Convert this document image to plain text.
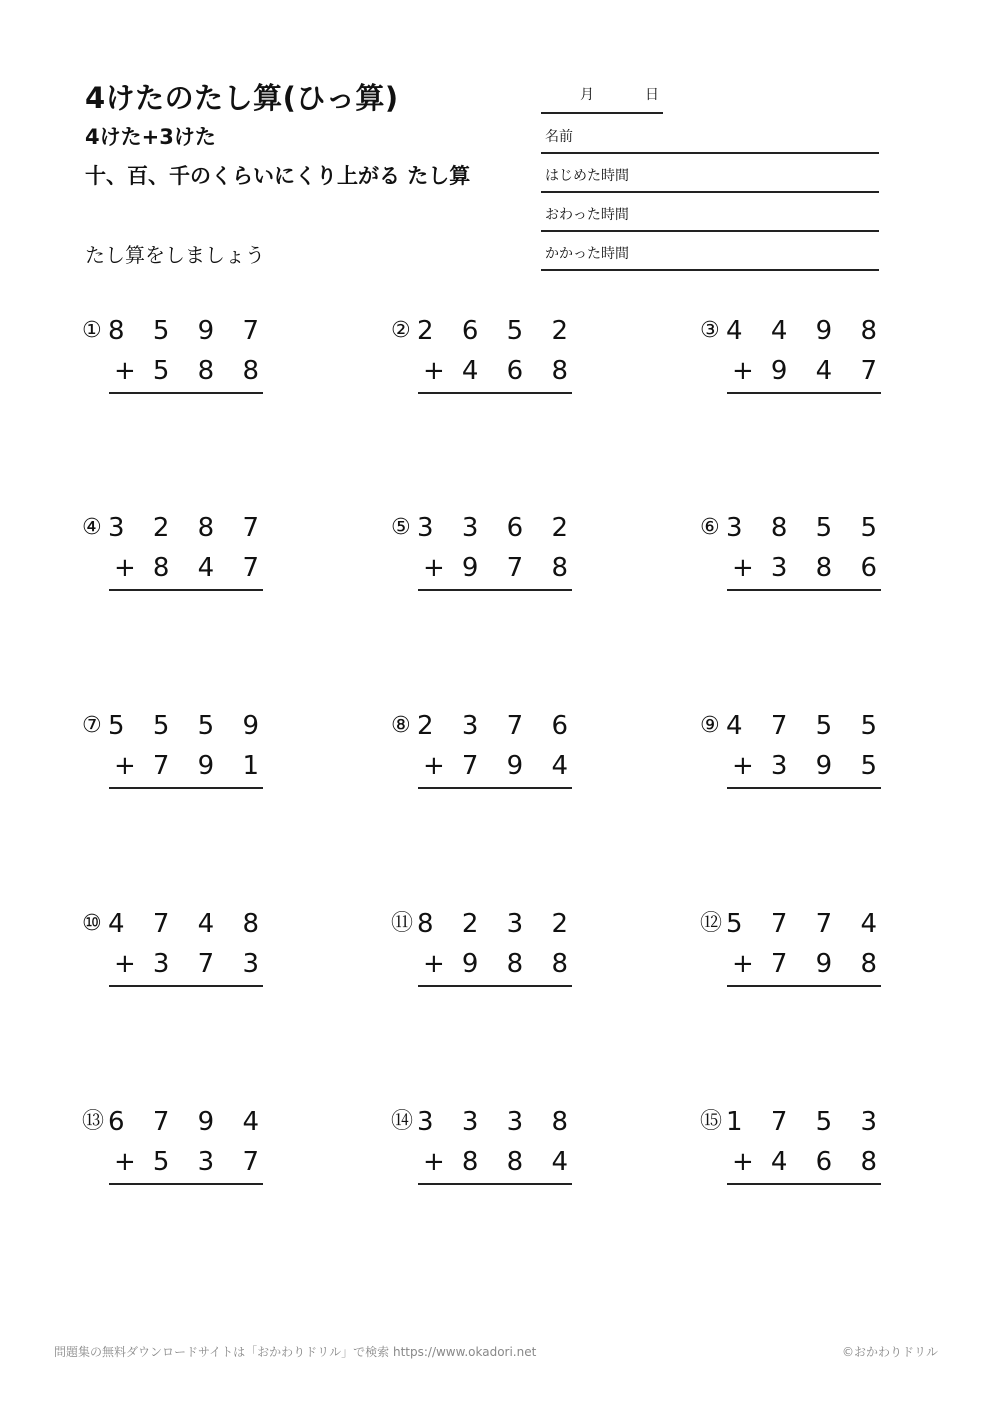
4けたのたし算(ひっ算)
4けた+3けた
十、百、千のくらいにくり上がる たし算
たし算をしましょう
月	日
名前
はじめた時間
おわった時間
かかった時間
① 8 5 9 7
+ 5 8 8
② 2 6 5 2
+ 4 6 8
③ 4 4 9 8
+ 9 4 7
④ 3 2 8 7
+ 8 4 7
⑤ 3 3 6 2
+ 9 7 8
⑥ 3 8 5 5
+ 3 8 6
⑦ 5 5 5 9
+ 7 9 1
⑧ 2 3 7 6
+ 7 9 4
⑨ 4 7 5 5
+ 3 9 5
⑩ 4 7 4 8
+ 3 7 3
⑪ 8 2 3 2
+ 9 8 8
⑫ 5 7 7 4
+ 7 9 8
⑬ 6 7 9 4
+ 5 3 7
⑭ 3 3 3 8
+ 8 8 4
⑮ 1 7 5 3
+ 4 6 8
問題集の無料ダウンロードサイトは「おかわりドリル」で検索 https://www.okadori.net	©おかわりドリル
